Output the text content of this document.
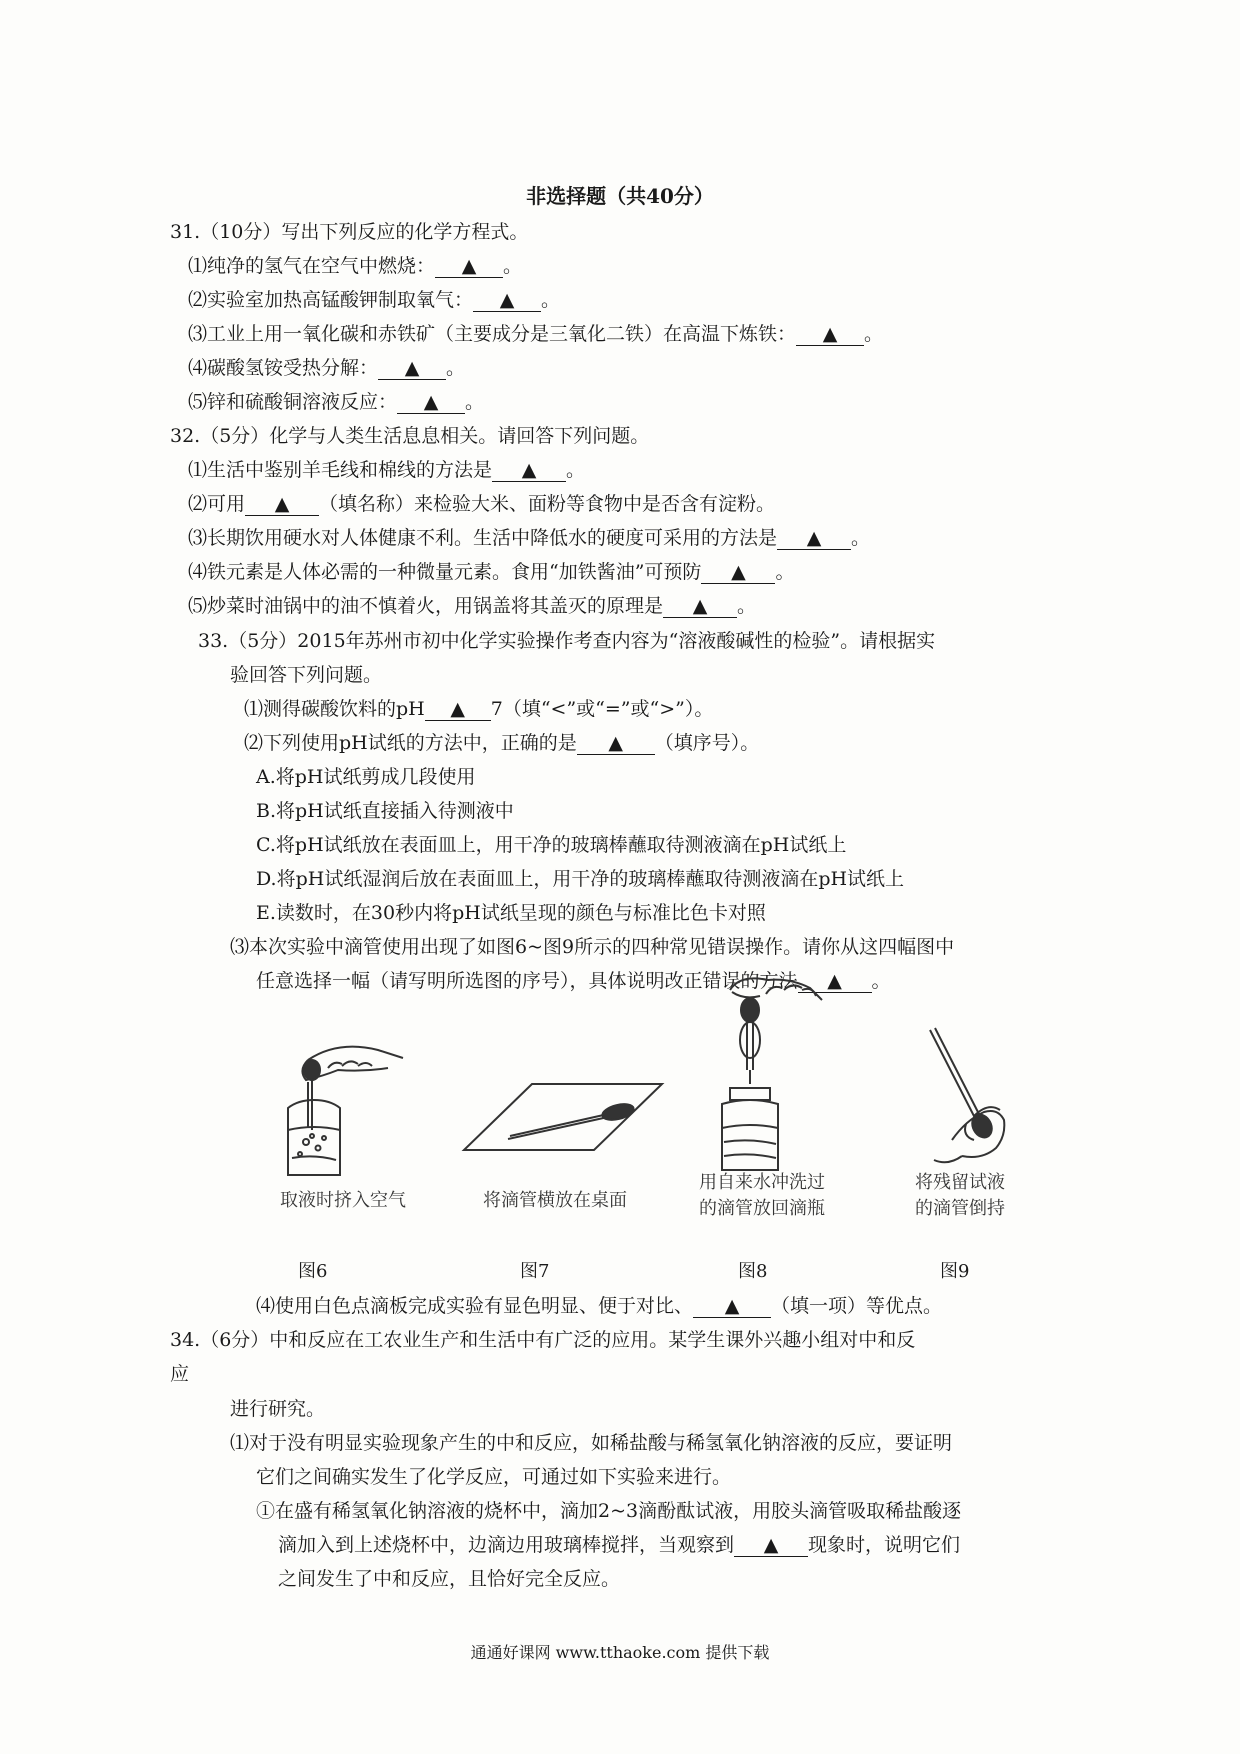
非选择题（共40分）
31.（10分）写出下列反应的化学方程式。
⑴纯净的氢气在空气中燃烧： ▲ 。
⑵实验室加热高锰酸钾制取氧气： ▲ 。
⑶工业上用一氧化碳和赤铁矿（主要成分是三氧化二铁）在高温下炼铁： ▲ 。
⑷碳酸氢铵受热分解： ▲ 。
⑸锌和硫酸铜溶液反应： ▲ 。
32.（5分）化学与人类生活息息相关。请回答下列问题。
⑴生活中鉴别羊毛线和棉线的方法是 ▲ 。
⑵可用 ▲ （填名称）来检验大米、面粉等食物中是否含有淀粉。
⑶长期饮用硬水对人体健康不利。生活中降低水的硬度可采用的方法是 ▲ 。
⑷铁元素是人体必需的一种微量元素。食用“加铁酱油”可预防 ▲ 。
⑸炒菜时油锅中的油不慎着火，用锅盖将其盖灭的原理是 ▲ 。
33.（5分）2015年苏州市初中化学实验操作考查内容为“溶液酸碱性的检验”。请根据实
验回答下列问题。
⑴测得碳酸饮料的pH ▲ 7（填“<”或“=”或“>”）。
⑵下列使用pH试纸的方法中，正确的是 ▲ （填序号）。
A.将pH试纸剪成几段使用
B.将pH试纸直接插入待测液中
C.将pH试纸放在表面皿上，用干净的玻璃棒蘸取待测液滴在pH试纸上
D.将pH试纸湿润后放在表面皿上，用干净的玻璃棒蘸取待测液滴在pH试纸上
E.读数时，在30秒内将pH试纸呈现的颜色与标准比色卡对照
⑶本次实验中滴管使用出现了如图6~图9所示的四种常见错误操作。请你从这四幅图中
任意选择一幅（请写明所选图的序号），具体说明改正错误的方法 ▲ 。
取液时挤入空气	将滴管横放在桌面
用自来水冲洗过
的滴管放回滴瓶
将残留试液
的滴管倒持
图6	图7	图8	图9
⑷使用白色点滴板完成实验有显色明显、便于对比、 ▲ （填一项）等优点。
34.（6分）中和反应在工农业生产和生活中有广泛的应用。某学生课外兴趣小组对中和反
应
进行研究。
⑴对于没有明显实验现象产生的中和反应，如稀盐酸与稀氢氧化钠溶液的反应，要证明
它们之间确实发生了化学反应，可通过如下实验来进行。
①在盛有稀氢氧化钠溶液的烧杯中，滴加2~3滴酚酞试液，用胶头滴管吸取稀盐酸逐
滴加入到上述烧杯中，边滴边用玻璃棒搅拌，当观察到 ▲ 现象时，说明它们
之间发生了中和反应，且恰好完全反应。
通通好课网 www.tthaoke.com 提供下载
